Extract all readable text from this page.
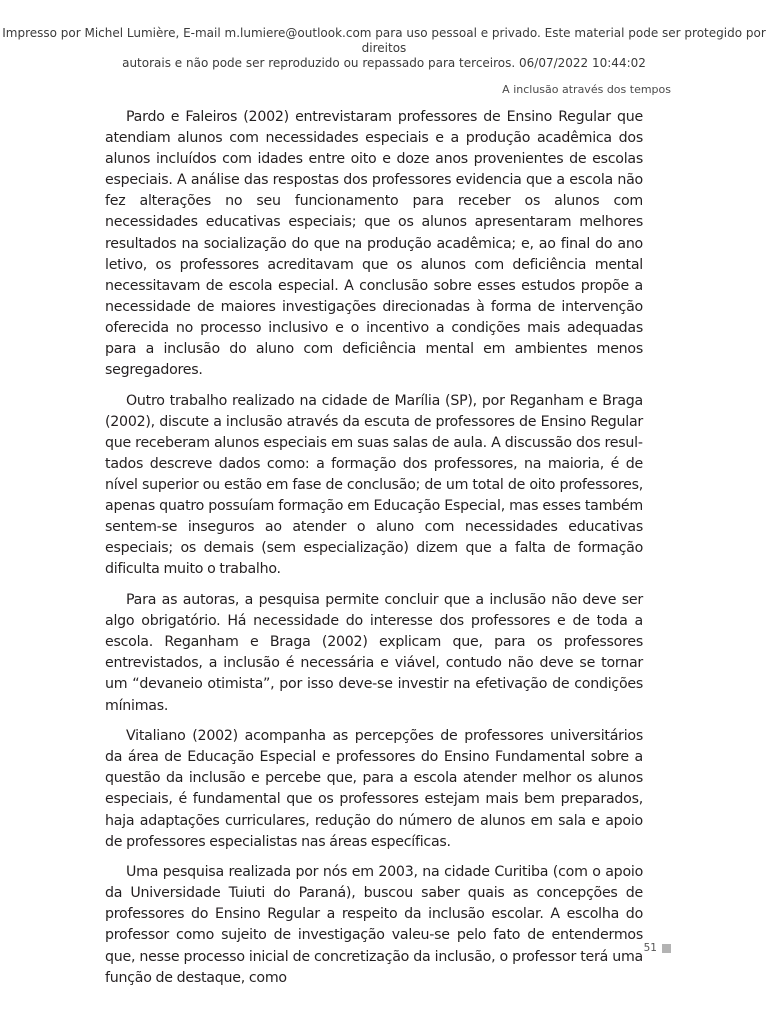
Impresso por Michel Lumière, E-mail m.lumiere@outlook.com para uso pessoal e privado. Este material pode ser protegido por direitos
autorais e não pode ser reproduzido ou repassado para terceiros. 06/07/2022 10:44:02
A inclusão através dos tempos

Pardo e Faleiros (2002) entrevistaram professores de Ensino Regular que atendiam alunos com necessidades especiais e a produção acadêmica dos alunos incluídos com idades entre oito e doze anos provenientes de escolas especiais. A análise das respostas dos professores evidencia que a escola não fez alterações no seu funcionamento para receber os alunos com necessidades educativas especiais; que os alunos apresentaram melhores resultados na socialização do que na produção acadêmica; e, ao final do ano letivo, os professores acreditavam que os alunos com deficiência mental necessitavam de escola especial. A conclusão sobre esses estudos propõe a necessidade de maiores investigações direcionadas à forma de intervenção oferecida no processo inclusivo e o incentivo a condições mais adequadas para a inclusão do aluno com deficiência mental em ambientes menos segregadores.

Outro trabalho realizado na cidade de Marília (SP), por Reganham e Braga (2002), discute a inclusão através da escuta de professores de Ensino Regular que receberam alunos especiais em suas salas de aula. A discussão dos resultados descreve dados como: a formação dos professores, na maioria, é de nível superior ou estão em fase de conclusão; de um total de oito professores, apenas quatro possuíam formação em Educação Especial, mas esses também sentem-se inseguros ao atender o aluno com necessidades educativas especiais; os demais (sem especialização) dizem que a falta de formação dificulta muito o trabalho.

Para as autoras, a pesquisa permite concluir que a inclusão não deve ser algo obrigatório. Há necessidade do interesse dos professores e de toda a escola. Reganham e Braga (2002) explicam que, para os professores entrevistados, a inclusão é necessária e viável, contudo não deve se tornar um “devaneio otimista”, por isso deve-se investir na efetivação de condições mínimas.

Vitaliano (2002) acompanha as percepções de professores universitários da área de Educação Especial e professores do Ensino Fundamental sobre a questão da inclusão e percebe que, para a escola atender melhor os alunos especiais, é fundamental que os professores estejam mais bem preparados, haja adaptações curriculares, redução do número de alunos em sala e apoio de professores especialistas nas áreas específicas.

Uma pesquisa realizada por nós em 2003, na cidade Curitiba (com o apoio da Universidade Tuiuti do Paraná), buscou saber quais as concepções de professores do Ensino Regular a respeito da inclusão escolar. A escolha do professor como sujeito de investigação valeu-se pelo fato de entendermos que, nesse processo inicial de concretização da inclusão, o professor terá uma função de destaque, como

51
